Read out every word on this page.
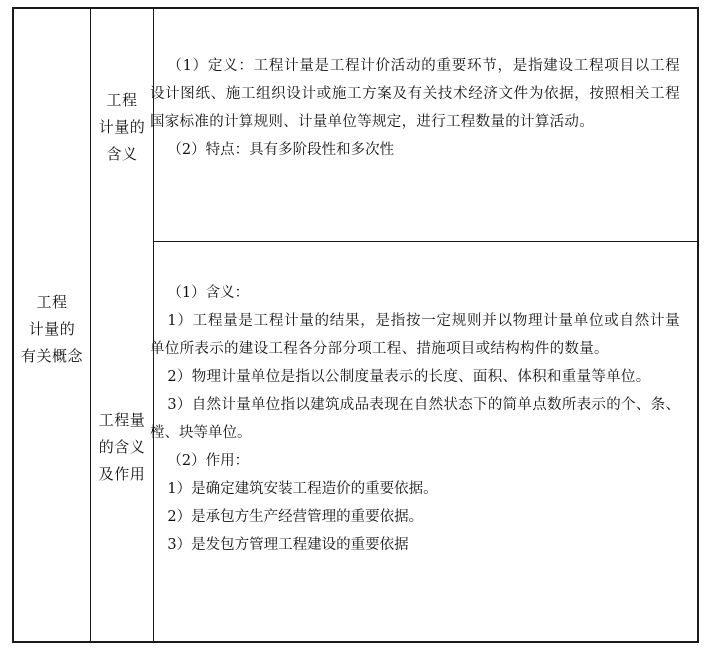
工程
计量的
有关概念
工程
计量的
含义
工程量
的含义
及作用

（1）定义：工程计量是工程计价活动的重要环节，是指建设工程项目以工程设计图纸、施工组织设计或施工方案及有关技术经济文件为依据，按照相关工程国家标准的计算规则、计量单位等规定，进行工程数量的计算活动。

（2）特点：具有多阶段性和多次性

（1）含义：

1）工程量是工程计量的结果，是指按一定规则并以物理计量单位或自然计量单位所表示的建设工程各分部分项工程、措施项目或结构构件的数量。

2）物理计量单位是指以公制度量表示的长度、面积、体积和重量等单位。

3）自然计量单位指以建筑成品表现在自然状态下的简单点数所表示的个、条、樘、块等单位。

（2）作用：

1）是确定建筑安装工程造价的重要依据。

2）是承包方生产经营管理的重要依据。

3）是发包方管理工程建设的重要依据
